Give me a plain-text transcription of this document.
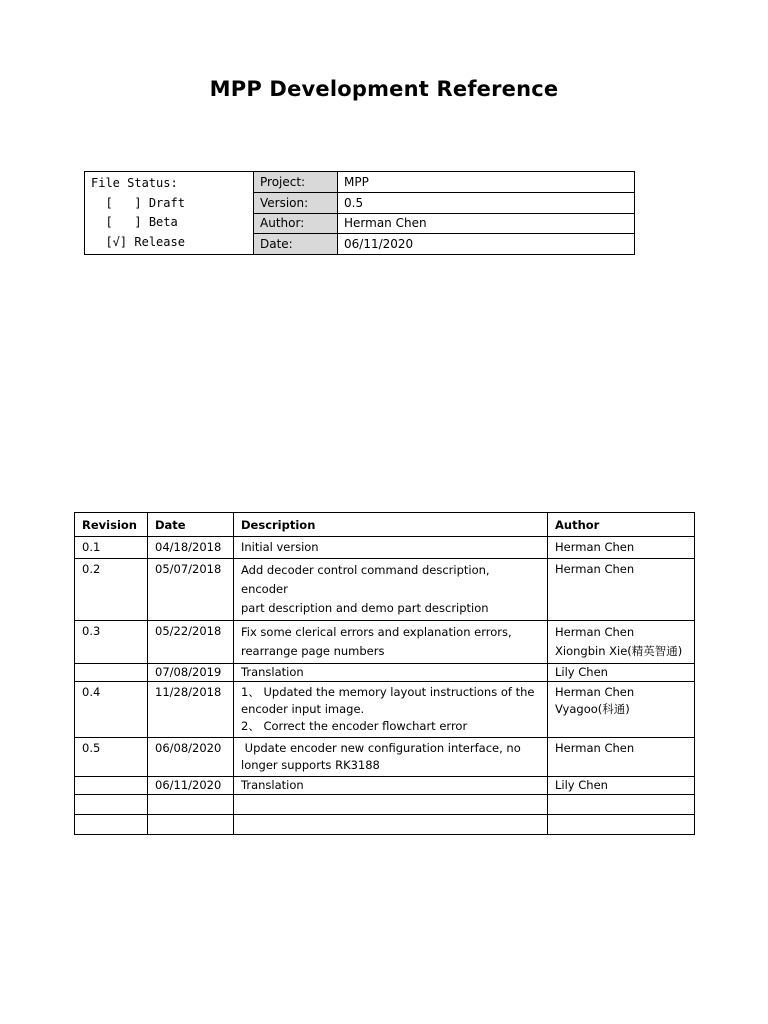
MPP Development Reference
File Status:
[   ] Draft
[   ] Beta
[√] Release	Project:	MPP
	Version:	0.5
	Author:	Herman Chen
	Date:	06/11/2020
Revision	Date	Description	Author
0.1	04/18/2018	Initial version	Herman Chen

0.2	05/07/2018	Add decoder control command description, encoder
part description and demo part description	Herman Chen

0.3	05/22/2018	Fix some clerical errors and explanation errors,
rearrange page numbers	Herman Chen
Xiongbin Xie(精英智通)

	07/08/2019	Translation	Lily Chen

0.4	11/28/2018	1、 Updated the memory layout instructions of the
encoder input image.
2、 Correct the encoder flowchart error	Herman Chen
Vyagoo(科通)

0.5	06/08/2020	Update encoder new configuration interface, no
longer supports RK3188	Herman Chen

	06/11/2020	Translation	Lily Chen
